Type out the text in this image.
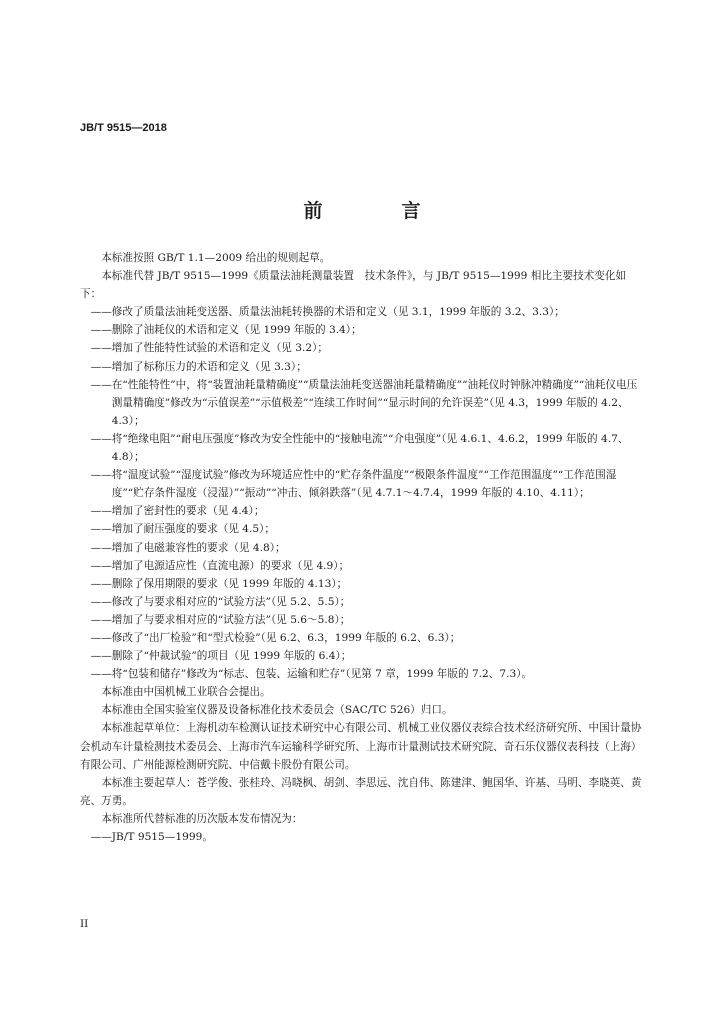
JB/T 9515—2018
前　言

本标准按照 GB/T 1.1—2009 给出的规则起草。

本标准代替 JB/T 9515—1999《质量法油耗测量装置　技术条件》，与 JB/T 9515—1999 相比主要技术变化如下：

——修改了质量法油耗变送器、质量法油耗转换器的术语和定义（见 3.1，1999 年版的 3.2、3.3）；

——删除了油耗仪的术语和定义（见 1999 年版的 3.4）；

——增加了性能特性试验的术语和定义（见 3.2）；

——增加了标称压力的术语和定义（见 3.3）；

——在“性能特性”中，将“装置油耗量精确度”“质量法油耗变送器油耗量精确度”“油耗仪时钟脉冲精确度”“油耗仪电压测量精确度”修改为“示值误差”“示值极差”“连续工作时间”“显示时间的允许误差”（见 4.3，1999 年版的 4.2、4.3）；

——将“绝缘电阻”“耐电压强度”修改为安全性能中的“接触电流”“介电强度”（见 4.6.1、4.6.2，1999 年版的 4.7、4.8）；

——将“温度试验”“湿度试验”修改为环境适应性中的“贮存条件温度”“极限条件温度”“工作范围温度”“工作范围湿度”“贮存条件湿度（浸湿）”“振动”“冲击、倾斜跌落”（见 4.7.1～4.7.4，1999 年版的 4.10、4.11）；

——增加了密封性的要求（见 4.4）；

——增加了耐压强度的要求（见 4.5）；

——增加了电磁兼容性的要求（见 4.8）；

——增加了电源适应性（直流电源）的要求（见 4.9）；

——删除了保用期限的要求（见 1999 年版的 4.13）；

——修改了与要求相对应的“试验方法”（见 5.2、5.5）；

——增加了与要求相对应的“试验方法”（见 5.6～5.8）；

——修改了“出厂检验”和“型式检验”（见 6.2、6.3，1999 年版的 6.2、6.3）；

——删除了“仲裁试验”的项目（见 1999 年版的 6.4）；

——将“包装和储存”修改为“标志、包装、运输和贮存”（见第 7 章，1999 年版的 7.2、7.3）。

本标准由中国机械工业联合会提出。

本标准由全国实验室仪器及设备标准化技术委员会（SAC/TC 526）归口。

本标准起草单位：上海机动车检测认证技术研究中心有限公司、机械工业仪器仪表综合技术经济研究所、中国计量协会机动车计量检测技术委员会、上海市汽车运输科学研究所、上海市计量测试技术研究院、奇石乐仪器仪表科技（上海）有限公司、广州能源检测研究院、中信戴卡股份有限公司。

本标准主要起草人：苍学俊、张桂玲、冯晓枫、胡剑、李思远、沈自伟、陈建津、鲍国华、许基、马明、李晓英、黄亮、万勇。

本标准所代替标准的历次版本发布情况为：

——JB/T 9515—1999。

II
